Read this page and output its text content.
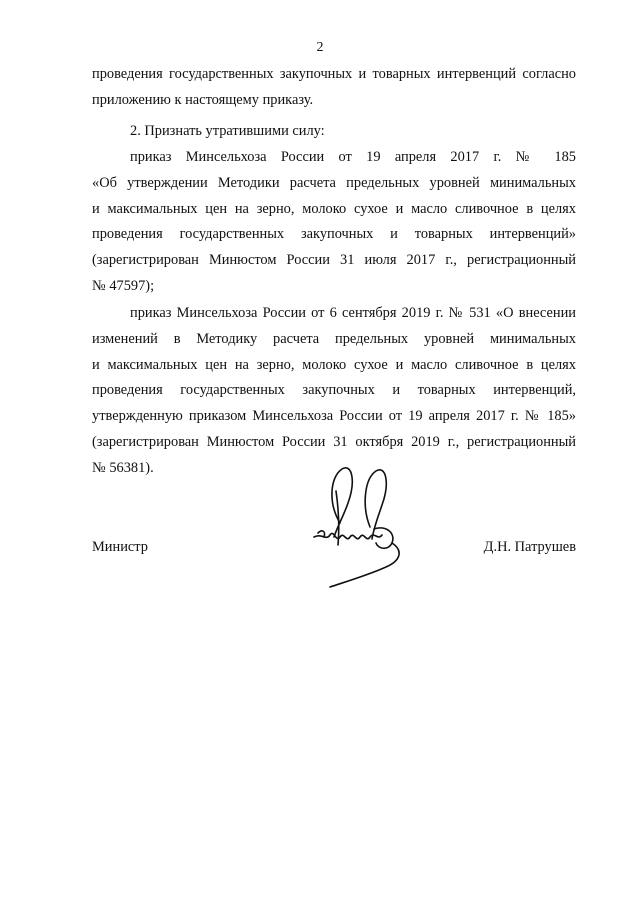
2
проведения государственных закупочных и товарных интервенций согласно
приложению к настоящему приказу.
2. Признать утратившими силу:
приказ Минсельхоза России от 19 апреля 2017 г. № 185
«Об утверждении Методики расчета предельных уровней минимальных
и максимальных цен на зерно, молоко сухое и масло сливочное в целях
проведения государственных закупочных и товарных интервенций»
(зарегистрирован Минюстом России 31 июля 2017 г., регистрационный
№ 47597);
приказ Минсельхоза России от 6 сентября 2019 г. № 531 «О внесении
изменений в Методику расчета предельных уровней минимальных
и максимальных цен на зерно, молоко сухое и масло сливочное в целях
проведения государственных закупочных и товарных интервенций,
утвержденную приказом Минсельхоза России от 19 апреля 2017 г. № 185»
(зарегистрирован Минюстом России 31 октября 2019 г., регистрационный
№ 56381).
Министр	Д.Н. Патрушев
